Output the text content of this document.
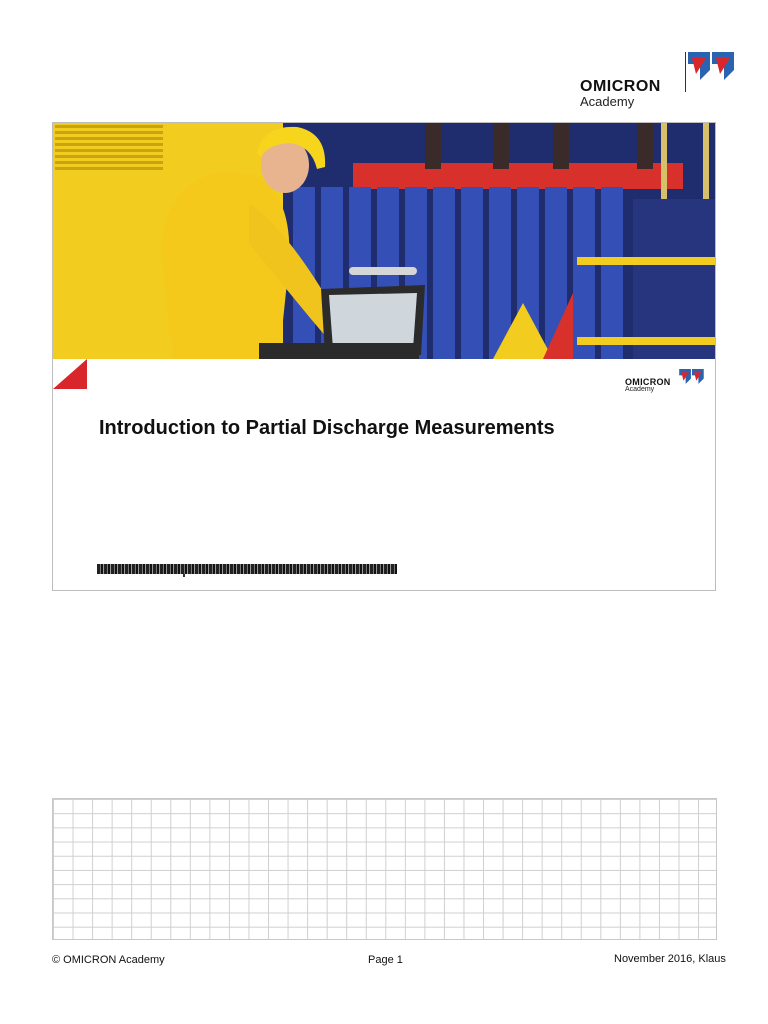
OMICRON
Academy
OMICRON
Academy
Introduction to Partial Discharge Measurements
© OMICRON Academy	Page 1	November 2016, Klaus
